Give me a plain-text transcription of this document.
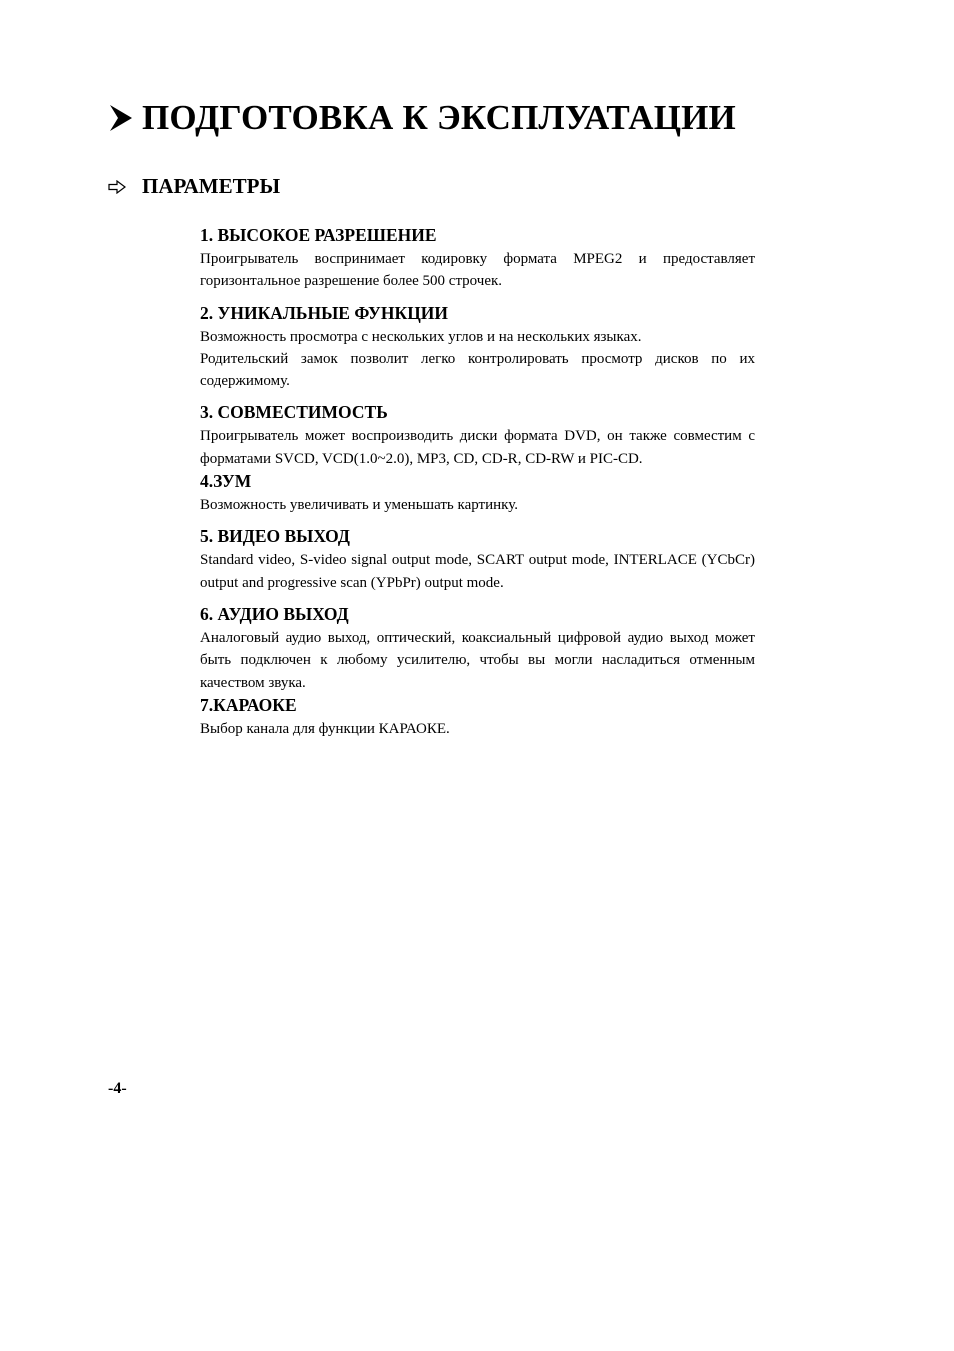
ПОДГОТОВКА К ЭКСПЛУАТАЦИИ
ПАРАМЕТРЫ

1. ВЫСОКОЕ РАЗРЕШЕНИЕ

Проигрыватель воспринимает кодировку формата MPEG2 и предоставляет горизонтальное разрешение более 500 строчек.

2. УНИКАЛЬНЫЕ ФУНКЦИИ

Возможность просмотра с нескольких углов и на нескольких языках.

Родительский замок позволит легко контролировать просмотр дисков по их содержимому.

3. СОВМЕСТИМОСТЬ

Проигрыватель может воспроизводить диски формата DVD, он также совместим с форматами SVCD, VCD(1.0~2.0), MP3, CD, CD-R, CD-RW и PIC-CD.

4.ЗУМ

Возможность увеличивать и уменьшать картинку.

5. ВИДЕО ВЫХОД

Standard video, S-video signal output mode, SCART output mode, INTERLACE (YCbCr) output and progressive scan (YPbPr) output mode.

6. АУДИО ВЫХОД

Аналоговый аудио выход, оптический, коаксиальный цифровой аудио выход может быть подключен к любому усилителю, чтобы вы могли насладиться отменным качеством звука.

7.КАРАОКЕ

Выбор канала для функции КАРАОКЕ.

-4-
